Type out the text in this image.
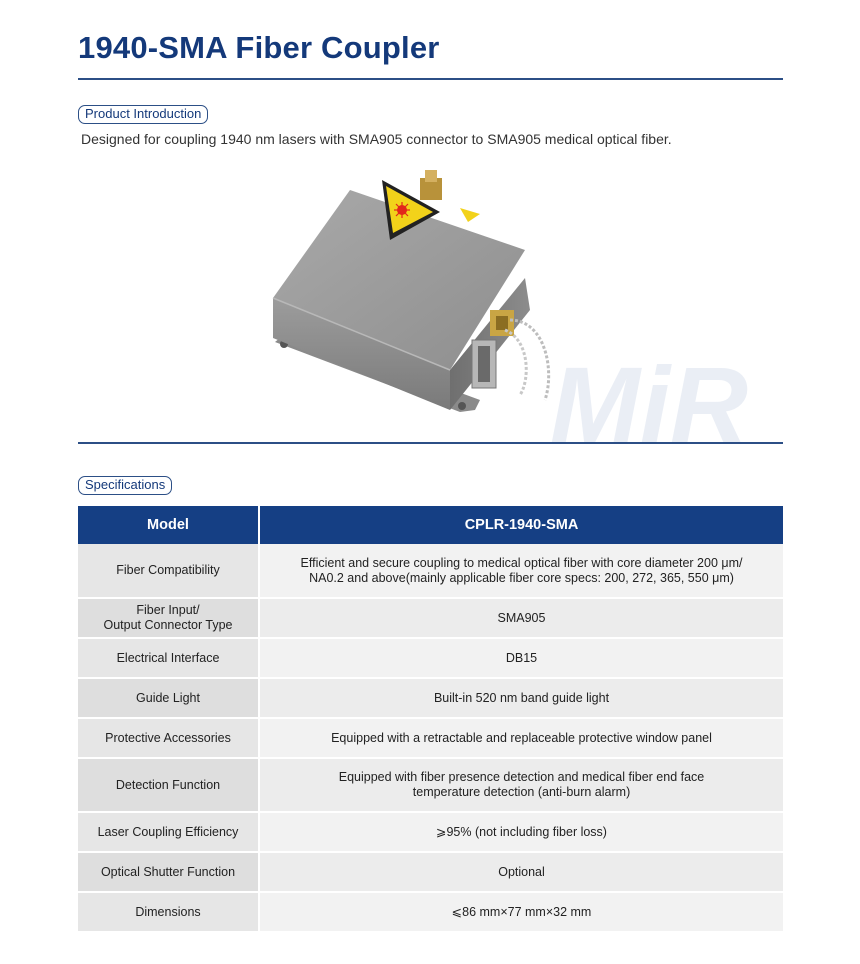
1940-SMA Fiber Coupler
Product Introduction

Designed for coupling 1940 nm lasers with SMA905 connector to SMA905 medical optical fiber.

MiR
Specifications
Model	CPLR-1940-SMA
Fiber Compatibility	Efficient and secure coupling to medical optical fiber with core diameter 200 μm/
NA0.2 and above(mainly applicable fiber core specs: 200, 272, 365, 550 μm)
Fiber Input/
Output Connector Type	SMA905
Electrical Interface	DB15
Guide Light	Built-in 520 nm band guide light
Protective Accessories	Equipped with a retractable and replaceable protective window panel
Detection Function	Equipped with fiber presence detection and medical fiber end face
temperature detection (anti-burn alarm)
Laser Coupling Efficiency	⩾95% (not including fiber loss)
Optical Shutter Function	Optional
Dimensions	⩽86 mm×77 mm×32 mm
